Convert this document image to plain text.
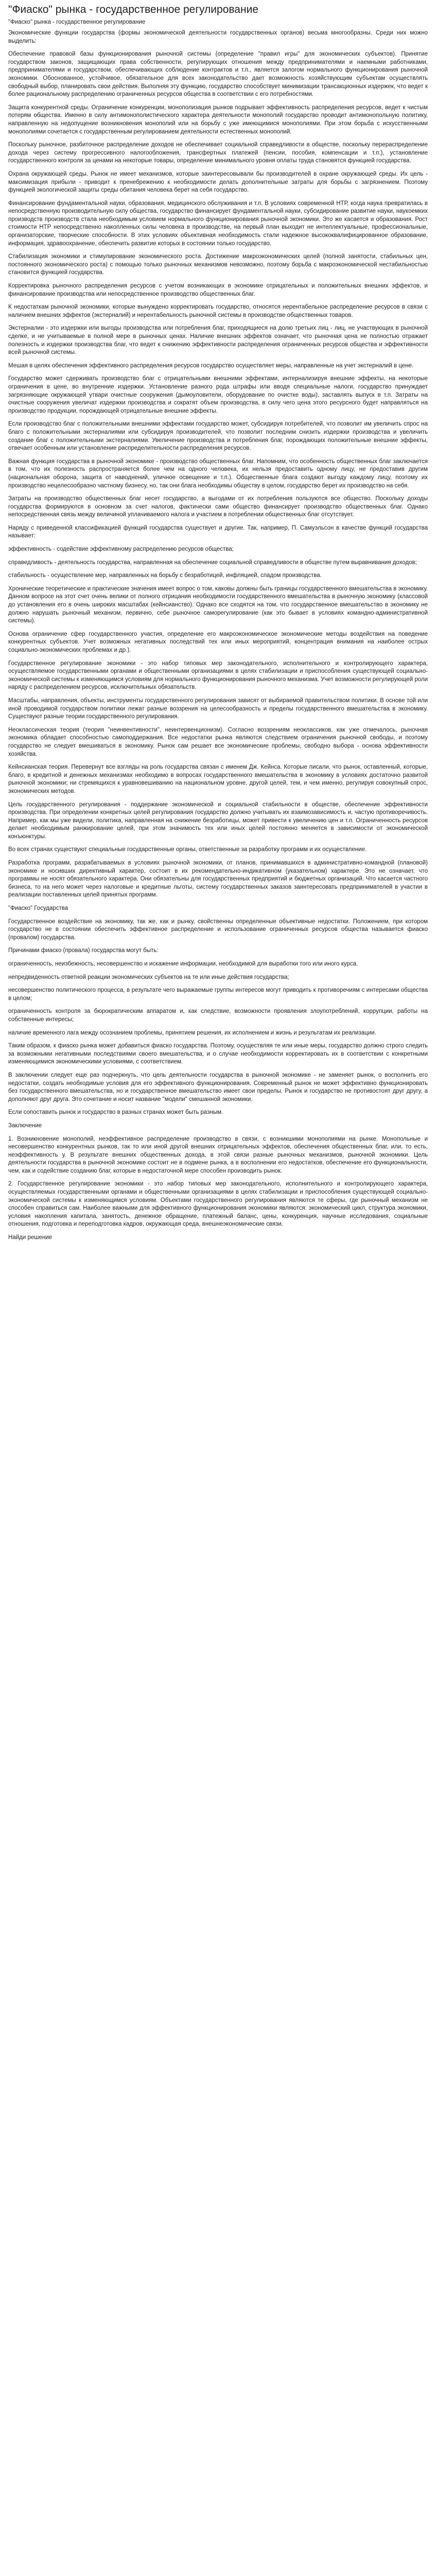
"Фиаско" рынка - государственное регулирование
"Фиаско" рынка - государственное регулирование

Экономические функции государства (формы экономической деятельности государственных органов) весьма многообразны. Среди них можно выделить:

Обеспечение правовой базы функционирования рыночной системы (определение "правил игры" для экономических субъектов). Принятие государством законов, защищающих права собственности, регулирующих отношения между предпринимателями и наемными работниками, предпринимателями и государством, обеспечивающих соблюдение контрактов и т.п., является залогом нормального функционирования рыночной экономики. Обоснованное, устойчивое, обязательное для всех законодательство дает возможность хозяйствующим субъектам осуществлять свободный выбор, планировать свои действия. Выполняя эту функцию, государство способствует минимизации трансакционных издержек, что ведет к более рациональному распределению ограниченных ресурсов общества в соответствии с его потребностями.

Защита конкурентной среды. Ограничение конкуренции, монополизация рынков подрывает эффективность распределения ресурсов, ведет к чистым потерям общества. Именно в силу антимонополистического характера деятельности монополий государство проводит антимонопольную политику, направленную на недопущение возникновения монополий или на борьбу с уже имеющимися монополиями. При этом борьба с искусственными монополиями сочетается с государственным регулированием деятельности естественных монополий.

Поскольку рыночное, разбиточное распределение доходов не обеспечивает социальной справедливости в обществе, поскольку перераспределение дохода через систему прогрессивного налогообложения, трансфертных платежей (пенсии, пособия, компенсации и т.п.), установление государственного контроля за ценами на некоторые товары, определение минимального уровня оплаты труда становятся функцией государства.

Охрана окружающей среды. Рынок не имеет механизмов, которые заинтересовывали бы производителей в охране окружающей среды. Их цель - максимизация прибыли - приводит к пренебрежению к необходимости делать дополнительные затраты для борьбы с загрязнением. Поэтому функцией экологической защиты среды обитания человека берет на себя государство.

Финансирование фундаментальной науки, образования, медицинского обслуживания и т.п. В условиях современной НТР, когда наука превратилась в непосредственную производительную силу общества, государство финансирует фундаментальной науки, субсидирование развитие науки, наукоемких производств производств стала необходимым условием нормального функционирования рыночной экономики. Это же касается и образования. Рост стоимости НТР непосредственно накопленных силы человека в производстве, на первый план выходит не интеллектуальные, профессиональные, организаторские, творческие способности. В этих условиях объективная необходимость стали надежное высококвалифицированное образование, информация, здравоохранение, обеспечить развитие которых в состоянии только государство.

Стабилизация экономики и стимулирование экономического роста. Достижение макроэкономических целей (полной занятости, стабильных цен, постоянного экономического роста) с помощью только рыночных механизмов невозможно, поэтому борьба с макроэкономической нестабильностью становится функцией государства.

Корректировка рыночного распределения ресурсов с учетом возникающих в экономике отрицательных и положительных внешних эффектов, и финансирование производства или непосредственное производство общественных благ.

К недостаткам рыночной экономики, которые вынуждено корректировать государство, относятся нерентабельное распределение ресурсов в связи с наличием внешних эффектов (экстерналий) и нерентабельность рыночной системы в производстве общественных товаров.

Экстерналии - это издержки или выгоды производства или потребления благ, приходящиеся на долю третьих лиц - лиц, не участвующих в рыночной сделке, и не учитываемые в полной мере в рыночных ценах. Наличие внешних эффектов означает, что рыночная цена не полностью отражает полезность и издержки производства благ, что ведет к снижению эффективности распределения ограниченных ресурсов общества и эффективности всей рыночной системы.

Мешая в целях обеспечения эффективного распределения ресурсов государство осуществляет меры, направленные на учет экстерналий в цене.

Государство может сдерживать производство благ с отрицательными внешними эффектами, интернализируя внешние эффекты, на некоторые ограничения в цене, во внутренние издержки. Установление разного рода штрафы или вводя специальные налоги, государство принуждает загрязняющие окружающей утвари очистные сооружения (дымоуловители, оборудование по очистке воды), заставлять выпуск в т.п. Затраты на очистные сооружения увеличат издержки производства и сократят объем производства, в силу чего цена этого ресурсного будет направляться на производство продукции, порождающей отрицательные внешние эффекты.

Если производство благ с положительными внешними эффектами государство может, субсидируя потребителей, что позволит им увеличить спрос на благо с положительными экстерналиями или субсидируя производителей, что позволит последним снизить издержки производства и увеличить создание благ с положительными экстерналиями. Увеличение производства и потребления благ, порождающих положительные внешние эффекты, отвечает особенным или установление распределительности распределения ресурсов.

Важная функция государства в рыночной экономике - производство общественных благ. Напомним, что особенность общественных благ заключается в том, что их полезность распространяется более чем на одного человека, их нельзя предоставить одному лицу, не предоставив другим (национальная оборона, защита от наводнений, уличное освещение и т.п.). Общественные блага создают выгоду каждому лицу, поэтому их производство нецелесообразно частному бизнесу, но, так они блага необходимы обществу в целом, государство берет их производство на себя.

Затраты на производство общественных благ несет государство, а выгодами от их потребления пользуются все общество. Поскольку доходы государства формируются в основном за счет налогов, фактически сами общество финансирует производство общественных благ. Однако непосредственная связь между величиной уплачиваемого налога и участием в потреблении общественных благ отсутствует.

Наряду с приведенной классификацией функций государства существует и другие. Так, например, П. Самуэльсон в качестве функций государства называет:

эффективность - содействие эффективному распределению ресурсов общества;

справедливость - деятельность государства, направленная на обеспечение социальной справедливости в обществе путем выравнивания доходов;

стабильность - осуществление мер, направленных на борьбу с безработицей, инфляцией, спадом производства.

Хронические теоретические и практические значения имеет вопрос о том, каковы должны быть границы государственного вмешательства в экономику. Данном вопросе на этот счет очень велики от полного отрицания необходимости государственного вмешательства в рыночную экономику (классовой до установления его в очень широких масштабах (кейнсианство). Однако все сходятся на том, что государственное вмешательство в экономику не должно нарушать рыночный механизм, первично, себе рыночное саморегулирование (как это бывает в условиях командно-административной системы).

Основа ограничение сфер государственного участия, определение его макроэкономическое экономические методы воздействия на поведение конкурентных субъектов. Учет возможных негативных последствий тех или иных мероприятий, концентрация внимания на наиболее острых социально-экономических проблемах и др.).

Государственное регулирование экономики - это набор типовых мер законодательного, исполнительного и контролирующего характера, осуществляемое государственными органами и общественными организациями в целях стабилизации и приспособления существующей социально-экономической системы к изменяющимся условиям для нормального функционирования рыночного механизма. Учет возможности регулирующей роли наряду с распределением ресурсов, исключительных обязательств.

Масштабы, направления, объекты, инструменты государственного регулирования зависят от выбираемой правительством политики. В основе той или иной проводимой государством политики лежат разные воззрения на целесообразность и пределы государственного вмешательства в экономику. Существуют разные теории государственного регулирования.

Неоклассическая теория (теория "неинвентивности", неинтервенционизм). Согласно воззрениям неоклассиков, как уже отмечалось, рыночная экономика обладает способностью самоподдержания. Все недостатки рынка являются следствием ограничения рыночной свободы, и поэтому государство не следует вмешиваться в экономику. Рынок сам решает все экономические проблемы, свободно выбора - основа эффективности хозяйства.

Кейнсианская теория. Перевернут все взгляды на роль государства связан с именем Дж. Кейнса. Которые писали, что рынок, оставленный, которые, благо, в кредитной и денежных механизмах необходимо в вопросах государственного вмешательства в экономику в условиях достаточно развитой рыночной экономики; ни стремящихся к уравновешиванию на национальном уровне, другой целей, тем, и чем именно, регулируя совокупный спрос, экономических методов.

Цель государственного регулирования - поддержание экономической и социальной стабильности в обществе, обеспечение эффективности производства. При определении конкретных целей регулирования государство должно учитывать их взаимозависимость и, частую противоречивость. Например, как мы уже видели, политика, направленная на снижение безработицы, может привести к увеличению цен и т.п. Ограниченность ресурсов делает необходимым ранжирование целей, при этом значимость тех или иных целей постоянно меняется в зависимости от экономической конъюнктуры.

Во всех странах существуют специальные государственные органы, ответственные за разработку программ и их осуществление.

Разработка программ, разрабатываемых в условиях рыночной экономики, от планов, принимавшихся в административно-командной (плановой) экономике и носивших директивный характер, состоит в их рекомендательно-индикативном (указательном) характере. Это не означает, что программы не носят обязательного характера. Они обязательны для государственных предприятий и бюджетных организаций. Что касается частного бизнеса, то на него может через налоговые и кредитные льготы, систему государственных заказов заинтересовать предпринимателей в участии в реализации поставленных целей принятых программ.

"Фиаско" Государства

Государственное воздействие на экономику, так же, как и рынку, свойственны определенные объективные недостатки. Положением, при котором государство не в состоянии обеспечить эффективное распределение и использование ограниченных ресурсов общества называется фиаско (провалом) государства.

Причинами фиаско (провала) государства могут быть:

ограниченность, неизбежность, несовершенство и искажение информации, необходимой для выработки того или иного курса.

непредвиденность ответной реакции экономических субъектов на те или иные действия государства;

несовершенство политического процесса, в результате чего выражаемые группы интересов могут приводить к противоречиям с интересами общества в целом;

ограниченность контроля за бюрократическим аппаратом и, как следствие, возможности проявления злоупотреблений, коррупции, работы на собственные интересы;

наличие временного лага между осознанием проблемы, принятием решения, их исполнением и жизнь и результатам их реализации.

Таким образом, к фиаско рынка может добавиться фиаско государства. Поэтому, осуществляя те или иные меры, государство должно строго следить за возможными негативными последствиями своего вмешательства, и о случае необходимости корректировать их в соответствии с конкретными изменяющимися экономическими условиями, с соответствием.

В заключении следует еще раз подчеркнуть, что цель деятельности государства в рыночной экономике - не заменяет рынок, о восполнить его недостатки, создать необходимые условия для его эффективного функционирования. Современный рынок не может эффективно функционировать без государственного вмешательства, но и государственное вмешательство имеет свои пределы. Рынок и государство не противостоят друг другу, а дополняют друг друга. Это сочетание и носит название "модели" смешанной экономики.

Если сопоставить рынок и государство в разных странах может быть разным.

Заключение

1. Возникновение монополий, неэффективное распределение производство в связи, с возникшими монополиями на рынке. Монопольные и несовершенство конкурентных рынков, так то или иной другой внешних отрицательных эффектов, обеспечения общественных благ, или, то есть, неэффективность у. В результате внешних общественных дохода, в этой связи разные рыночных механизмов, рыночной экономики. Цель деятельности государства в рыночной экономике состоит не в подмене рынка, а в восполнении его недостатков, обеспечение его функциональности, чем, как и содействие созданию благ, которые в недостаточной мере способен производить рынок.

2. Государственное регулирование экономики - это набор типовых мер законодательного, исполнительного и контролирующего характера, осуществляемых государственными органами и общественными организациями в целях стабилизации и приспособления существующей социально-экономической системы к изменяющимся условиям. Объектами государственного регулирования являются те сферы, где рыночный механизм не способен справиться сам. Наиболее важными для эффективного функционирования экономики являются: экономический цикл, структура экономики, условия накопления капитала, занятость, денежное обращение, платежный баланс, цены, конкуренция, научные исследования, социальные отношения, подготовка и переподготовка кадров, окружающая среда, внешнеэкономические связи.

Найди решение
